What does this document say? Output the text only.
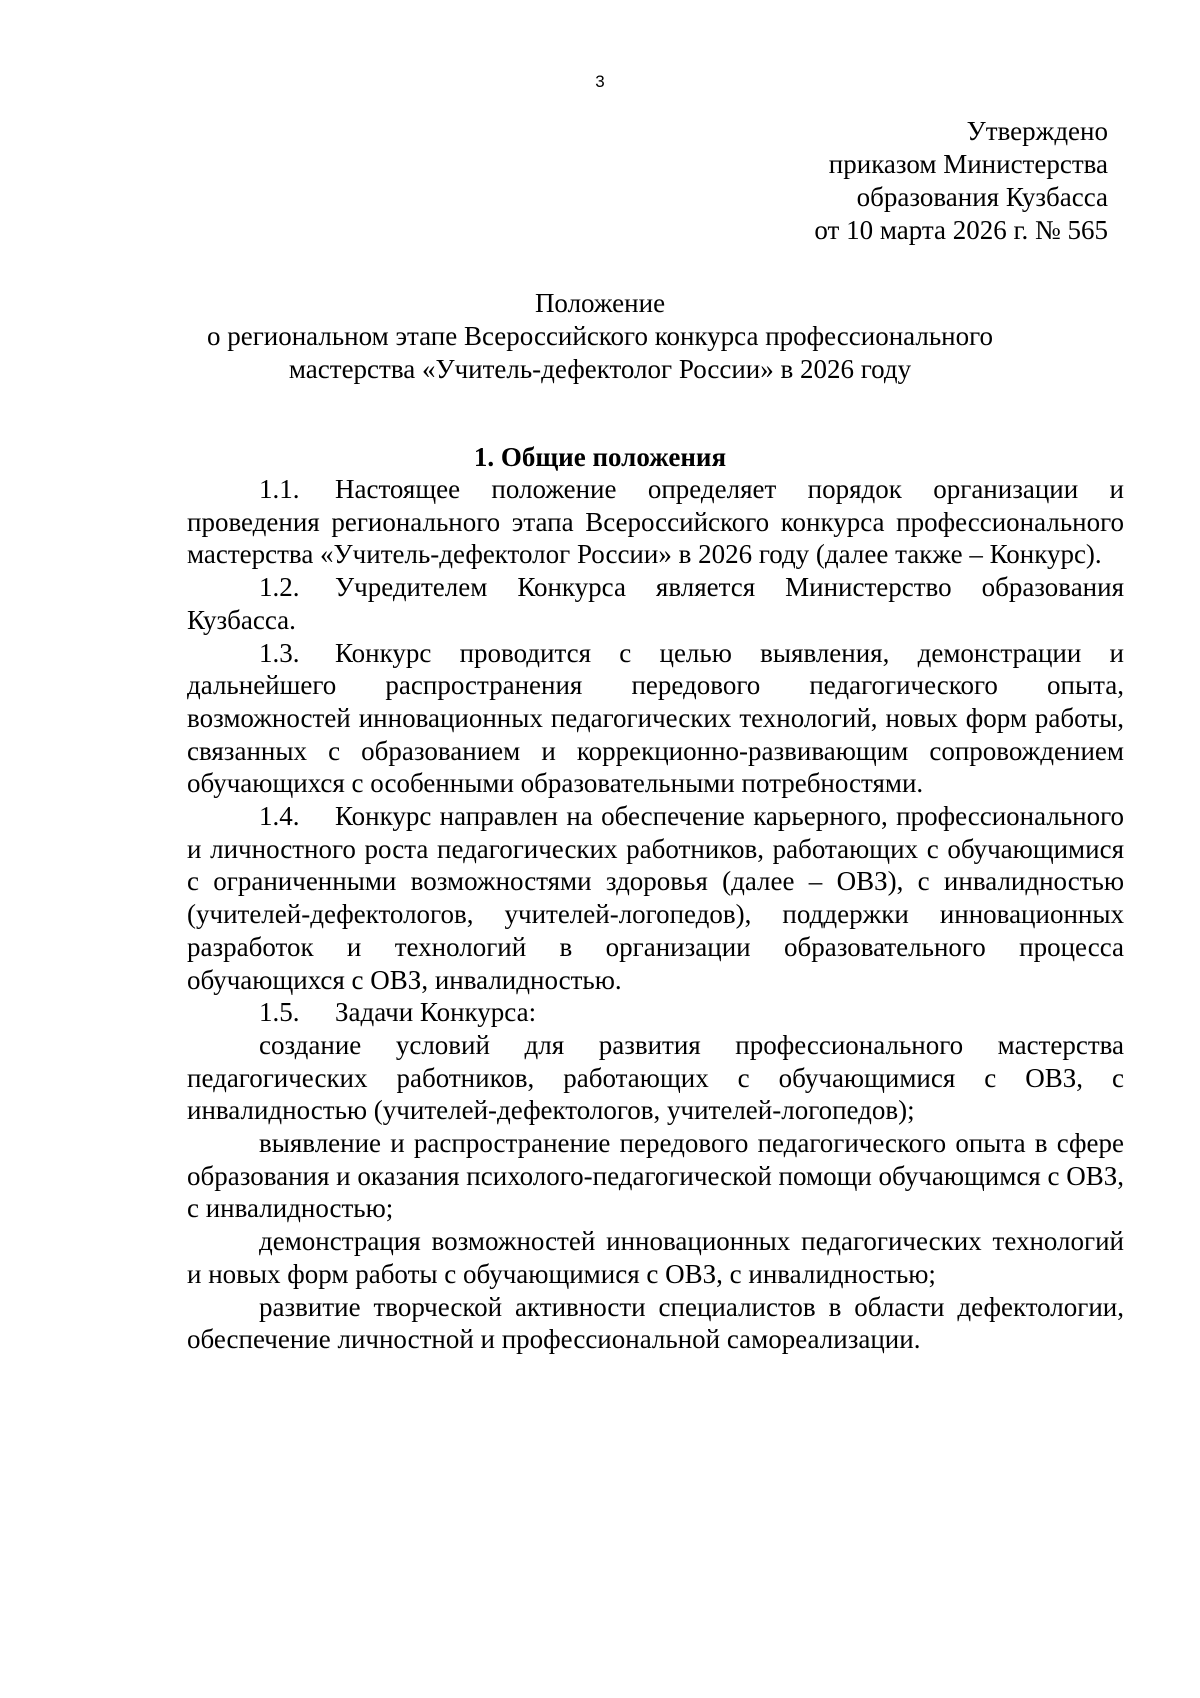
3
Утверждено
приказом Министерства
образования Кузбасса
от 10 марта 2026 г. № 565
Положение
о региональном этапе Всероссийского конкурса профессионального
мастерства «Учитель-дефектолог России» в 2026 году
1. Общие положения

1.1. Настоящее положение определяет порядок организации и проведения регионального этапа Всероссийского конкурса профессионального мастерства «Учитель-дефектолог России» в 2026 году (далее также – Конкурс).

1.2. Учредителем Конкурса является Министерство образования Кузбасса.

1.3. Конкурс проводится с целью выявления, демонстрации и дальнейшего распространения передового педагогического опыта, возможностей инновационных педагогических технологий, новых форм работы, связанных с образованием и коррекционно-развивающим сопровождением обучающихся с особенными образовательными потребностями.

1.4. Конкурс направлен на обеспечение карьерного, профессионального и личностного роста педагогических работников, работающих с обучающимися с ограниченными возможностями здоровья (далее – ОВЗ), с инвалидностью (учителей-дефектологов, учителей-логопедов), поддержки инновационных разработок и технологий в организации образовательного процесса обучающихся с ОВЗ, инвалидностью.

1.5. Задачи Конкурса:

создание условий для развития профессионального мастерства педагогических работников, работающих с обучающимися с ОВЗ, с инвалидностью (учителей-дефектологов, учителей-логопедов);

выявление и распространение передового педагогического опыта в сфере образования и оказания психолого-педагогической помощи обучающимся с ОВЗ, с инвалидностью;

демонстрация возможностей инновационных педагогических технологий и новых форм работы с обучающимися с ОВЗ, с инвалидностью;

развитие творческой активности специалистов в области дефектологии, обеспечение личностной и профессиональной самореализации.
